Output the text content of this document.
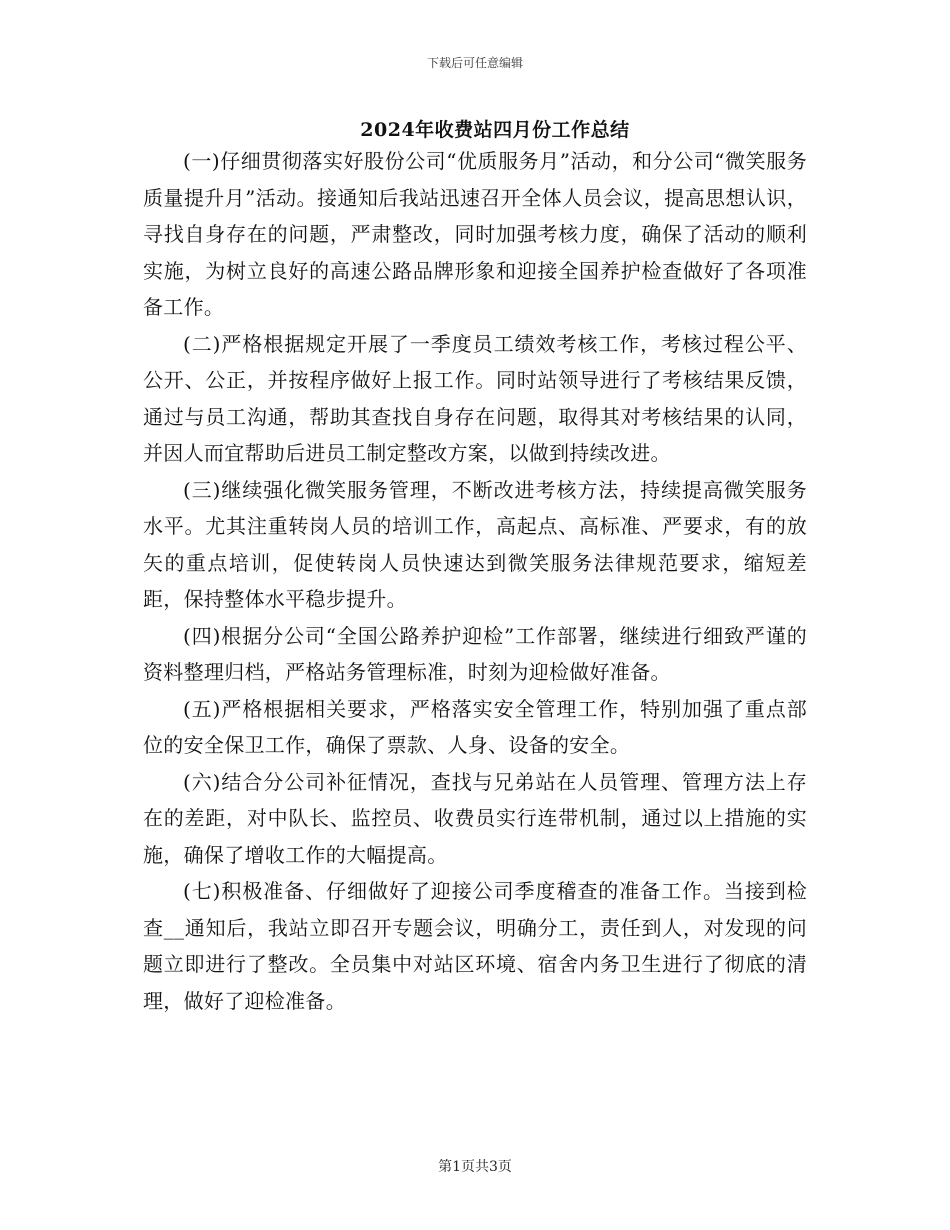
下载后可任意编辑
2024年收费站四月份工作总结

(一)仔细贯彻落实好股份公司“优质服务月”活动，和分公司“微笑服务质量提升月”活动。接通知后我站迅速召开全体人员会议，提高思想认识，寻找自身存在的问题，严肃整改，同时加强考核力度，确保了活动的顺利实施，为树立良好的高速公路品牌形象和迎接全国养护检查做好了各项准备工作。

(二)严格根据规定开展了一季度员工绩效考核工作，考核过程公平、公开、公正，并按程序做好上报工作。同时站领导进行了考核结果反馈，通过与员工沟通，帮助其查找自身存在问题，取得其对考核结果的认同，并因人而宜帮助后进员工制定整改方案，以做到持续改进。

(三)继续强化微笑服务管理，不断改进考核方法，持续提高微笑服务水平。尤其注重转岗人员的培训工作，高起点、高标准、严要求，有的放矢的重点培训，促使转岗人员快速达到微笑服务法律规范要求，缩短差距，保持整体水平稳步提升。

(四)根据分公司“全国公路养护迎检”工作部署，继续进行细致严谨的资料整理归档，严格站务管理标准，时刻为迎检做好准备。

(五)严格根据相关要求，严格落实安全管理工作，特别加强了重点部位的安全保卫工作，确保了票款、人身、设备的安全。

(六)结合分公司补征情况，查找与兄弟站在人员管理、管理方法上存在的差距，对中队长、监控员、收费员实行连带机制，通过以上措施的实施，确保了增收工作的大幅提高。

(七)积极准备、仔细做好了迎接公司季度稽查的准备工作。当接到检查__通知后，我站立即召开专题会议，明确分工，责任到人，对发现的问题立即进行了整改。全员集中对站区环境、宿舍内务卫生进行了彻底的清理，做好了迎检准备。

第1页共3页
